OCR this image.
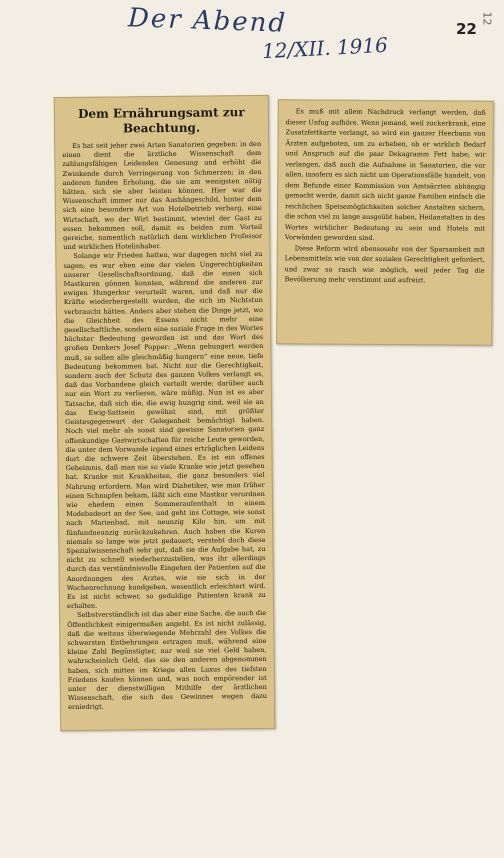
Der Abend
12/XII. 1916
22
12
Dem Ernährungsamt zur Beachtung.

Es hat seit jeher zwei Arten Sanatorien gegeben: in den einen dient die ärztliche Wissenschaft dem zahlungsfähigen Leidenden Genesung und erhöht die Zwinkende durch Verringerung von Schmerzen; in den anderen fanden Erholung, die sie am wenigsten nötig hätten, sich sie aber leisten können. Hier war die Wissenschaft immer nur das Aushängeschild, hinter dem sich eine besondere Art von Hotelbetrieb verbarg, eine Wirtschaft, wo der Wirt bestimmt, wieviel der Gast zu essen bekommen soll, damit es beiden zum Vorteil gereiche, namentlich natürlich dem wirklichen Professor und wirklichen Hotelinhaber.

Solange wir Frieden hatten, war dagegen nicht viel zu sagen; es war eben eine der vielen Ungerechtigkeiten unserer Gesellschaftsordnung, daß die einen sich Mastkuren gönnen konnten, während die anderen zur ewigen Hungerkur verurteilt waren, und daß nur die Kräfte wiederhergestellt wurden, die sich im Nichtstun verbraucht hätten. Anders aber stehen die Dinge jetzt, wo die Gleichheit des Essens nicht mehr eine gesellschaftliche, sondern eine soziale Frage in des Wortes höchster Bedeutung geworden ist und das Wort des großen Denkers Josef Popper: „Wenn gehungert werden muß, so sollen alle gleichmäßig hungern“ eine neue, tiefe Bedeutung bekommen hat. Nicht nur die Gerechtigkeit, sondern auch der Schutz des ganzen Volkes verlangt es, daß das Vorhandene gleich verteilt werde; darüber auch nur ein Wort zu verlieren, wäre müßig. Nun ist es aber Tatsache, daß sich die, die ewig hungrig sind, weil sie an das Ewig-Sattsein gewöhnt sind, mit größter Geistesgegenwart der Gelegenheit bemächtigt haben. Noch viel mehr als sonst sind gewisse Sanatorien ganz offenkundige Gastwirtschaften für reiche Leute geworden, die unter dem Vorwande irgend eines erträglichen Leidens dort die schwere Zeit überstehen. Es ist ein offenes Geheimnis, daß man nie so viele Kranke wie jetzt gesehen hat. Kranke mit Krankheiten, die ganz besonders viel Nahrung erfordern. Man wird Diabetiker, wie man früher einen Schnupfen bekam, läßt sich eine Mastkur verordnen wie ehedem einen Sommeraufenthalt in einem Modebadeort an der See, und geht ins Cottage, wie sonst nach Marienbad, mit neunzig Kilo hin, um mit fünfundneunzig zurückzukehren. Auch haben die Kuren niemals so lange wie jetzt gedauert; versteht doch diese Spezialwissenschaft sehr gut, daß sie die Aufgabe hat, zu nicht zu schnell wiederherzustellen, was ihr allerdings durch das verständnisvolle Eingehen der Patienten auf die Anordnungen des Arztes, wie sie sich in der Wochenrechnung kundgeben, wesentlich erleichtert wird. Es ist nicht schwer, so geduldige Patienten krank zu erhalten.

Selbstverständlich ist das aber eine Sache, die auch die Öffentlichkeit einigermaßen angeht. Es ist nicht zulässig, daß die weitaus überwiegende Mehrzahl des Volkes die schwersten Entbehrungen ertragen muß, während eine kleine Zahl Begünstigter, nur weil sie viel Geld haben, wahrscheinlich Geld, das sie den anderen abgenommen haben, sich mitten im Kriege allen Luxus des tiefsten Friedens kaufen können und, was noch empörender ist unter der dienstwilligen Mithilfe der ärztlichen Wissenschaft, die sich des Gewinnes wegen dazu erniedrigt.

Es muß mit allem Nachdruck verlangt werden, daß dieser Unfug aufhöre. Wenn jemand, weil zuckerkrank, eine Zusatzfettkarte verlangt, so wird ein ganzer Heerbann von Ärzten aufgeboten, um zu erheben, ob er wirklich Bedarf und Anspruch auf die paar Dekagramm Fett habe; wir verlangen, daß auch die Aufnahme in Sanatorien, die vor allen, insofern es sich nicht um Operationsfälle handelt, von dem Befunde einer Kommission von Amtsärzten abhängig gemacht werde, damit sich nicht ganze Familien einfach die reichlichen Speisemöglichkeiten solcher Anstalten sichern, die schon viel zu lange ausgeübt haben, Heilanstalten in des Wortes wirklicher Bedeutung zu sein und Hotels mit Vorwänden geworden sind.

Diese Reform wird ebensosehr von der Sparsamkeit mit Lebensmitteln wie von der sozialen Gerechtigkeit gefordert, und zwar so rasch wie möglich, weil jeder Tag die Bevölkerung mehr verstimmt und aufreizt.
